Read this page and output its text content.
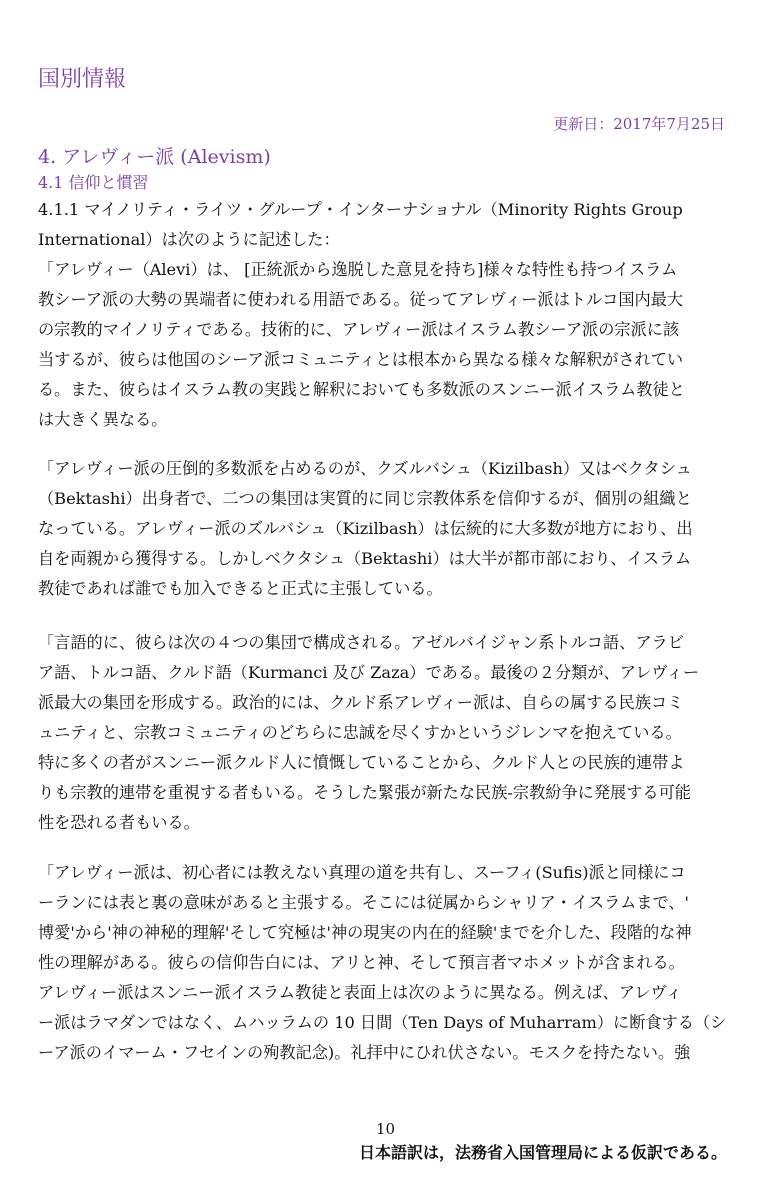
国別情報
更新日：2017年7月25日
4. アレヴィー派 (Alevism)
4.1 信仰と慣習

4.1.1 マイノリティ・ライツ・グループ・インターナショナル（Minority Rights Group

International）は次のように記述した：

「アレヴィー（Alevi）は、 [正統派から逸脱した意見を持ち]様々な特性も持つイスラム

教シーア派の大勢の異端者に使われる用語である。従ってアレヴィー派はトルコ国内最大

の宗教的マイノリティである。技術的に、アレヴィー派はイスラム教シーア派の宗派に該

当するが、彼らは他国のシーア派コミュニティとは根本から異なる様々な解釈がされてい

る。また、彼らはイスラム教の実践と解釈においても多数派のスンニー派イスラム教徒と

は大きく異なる。

「アレヴィー派の圧倒的多数派を占めるのが、クズルバシュ（Kizilbash）又はベクタシュ

（Bektashi）出身者で、二つの集団は実質的に同じ宗教体系を信仰するが、個別の組織と

なっている。アレヴィー派のズルバシュ（Kizilbash）は伝統的に大多数が地方におり、出

自を両親から獲得する。しかしベクタシュ（Bektashi）は大半が都市部におり、イスラム

教徒であれば誰でも加入できると正式に主張している。

「言語的に、彼らは次の４つの集団で構成される。アゼルバイジャン系トルコ語、アラビ

ア語、トルコ語、クルド語（Kurmanci 及び Zaza）である。最後の２分類が、アレヴィー

派最大の集団を形成する。政治的には、クルド系アレヴィー派は、自らの属する民族コミ

ュニティと、宗教コミュニティのどちらに忠誠を尽くすかというジレンマを抱えている。

特に多くの者がスンニー派クルド人に憤慨していることから、クルド人との民族的連帯よ

りも宗教的連帯を重視する者もいる。そうした緊張が新たな民族-宗教紛争に発展する可能

性を恐れる者もいる。

「アレヴィー派は、初心者には教えない真理の道を共有し、スーフィ(Sufis)派と同様にコ

ーランには表と裏の意味があると主張する。そこには従属からシャリア・イスラムまで、'

博愛'から'神の神秘的理解'そして究極は'神の現実の内在的経験'までを介した、段階的な神

性の理解がある。彼らの信仰告白には、アリと神、そして預言者マホメットが含まれる。

アレヴィー派はスンニー派イスラム教徒と表面上は次のように異なる。例えば、アレヴィ

ー派はラマダンではなく、ムハッラムの 10 日間（Ten Days of Muharram）に断食する（シ

ーア派のイマーム・フセインの殉教記念)。礼拝中にひれ伏さない。モスクを持たない。強

10
日本語訳は，法務省入国管理局による仮訳である。
